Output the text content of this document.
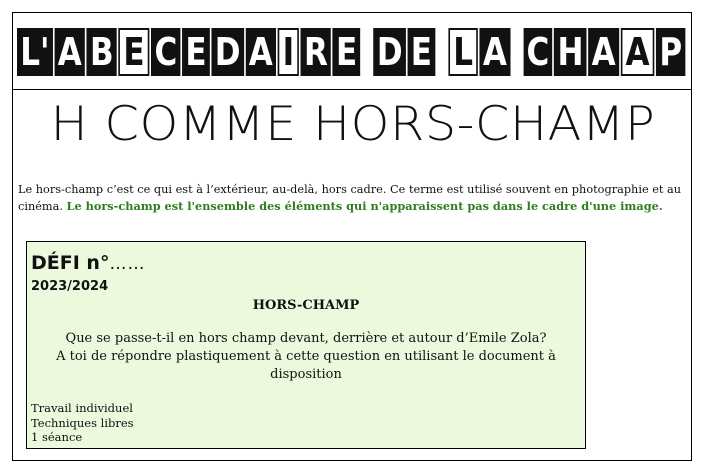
L' A B E C E D A I R E D E L A C H A A P
H COMME HORS-CHAMP

Le hors-champ c’est ce qui est à l’extérieur, au-delà, hors cadre. Ce terme est utilisé souvent en photographie et au cinéma. Le hors-champ est l'ensemble des éléments qui n'apparaissent pas dans le cadre d'une image.

DÉFI n°……
2023/2024
HORS-CHAMP
Que se passe-t-il en hors champ devant, derrière et autour d’Emile Zola?
A toi de répondre plastiquement à cette question en utilisant le document à disposition
Travail individuel
Techniques libres
1 séance
